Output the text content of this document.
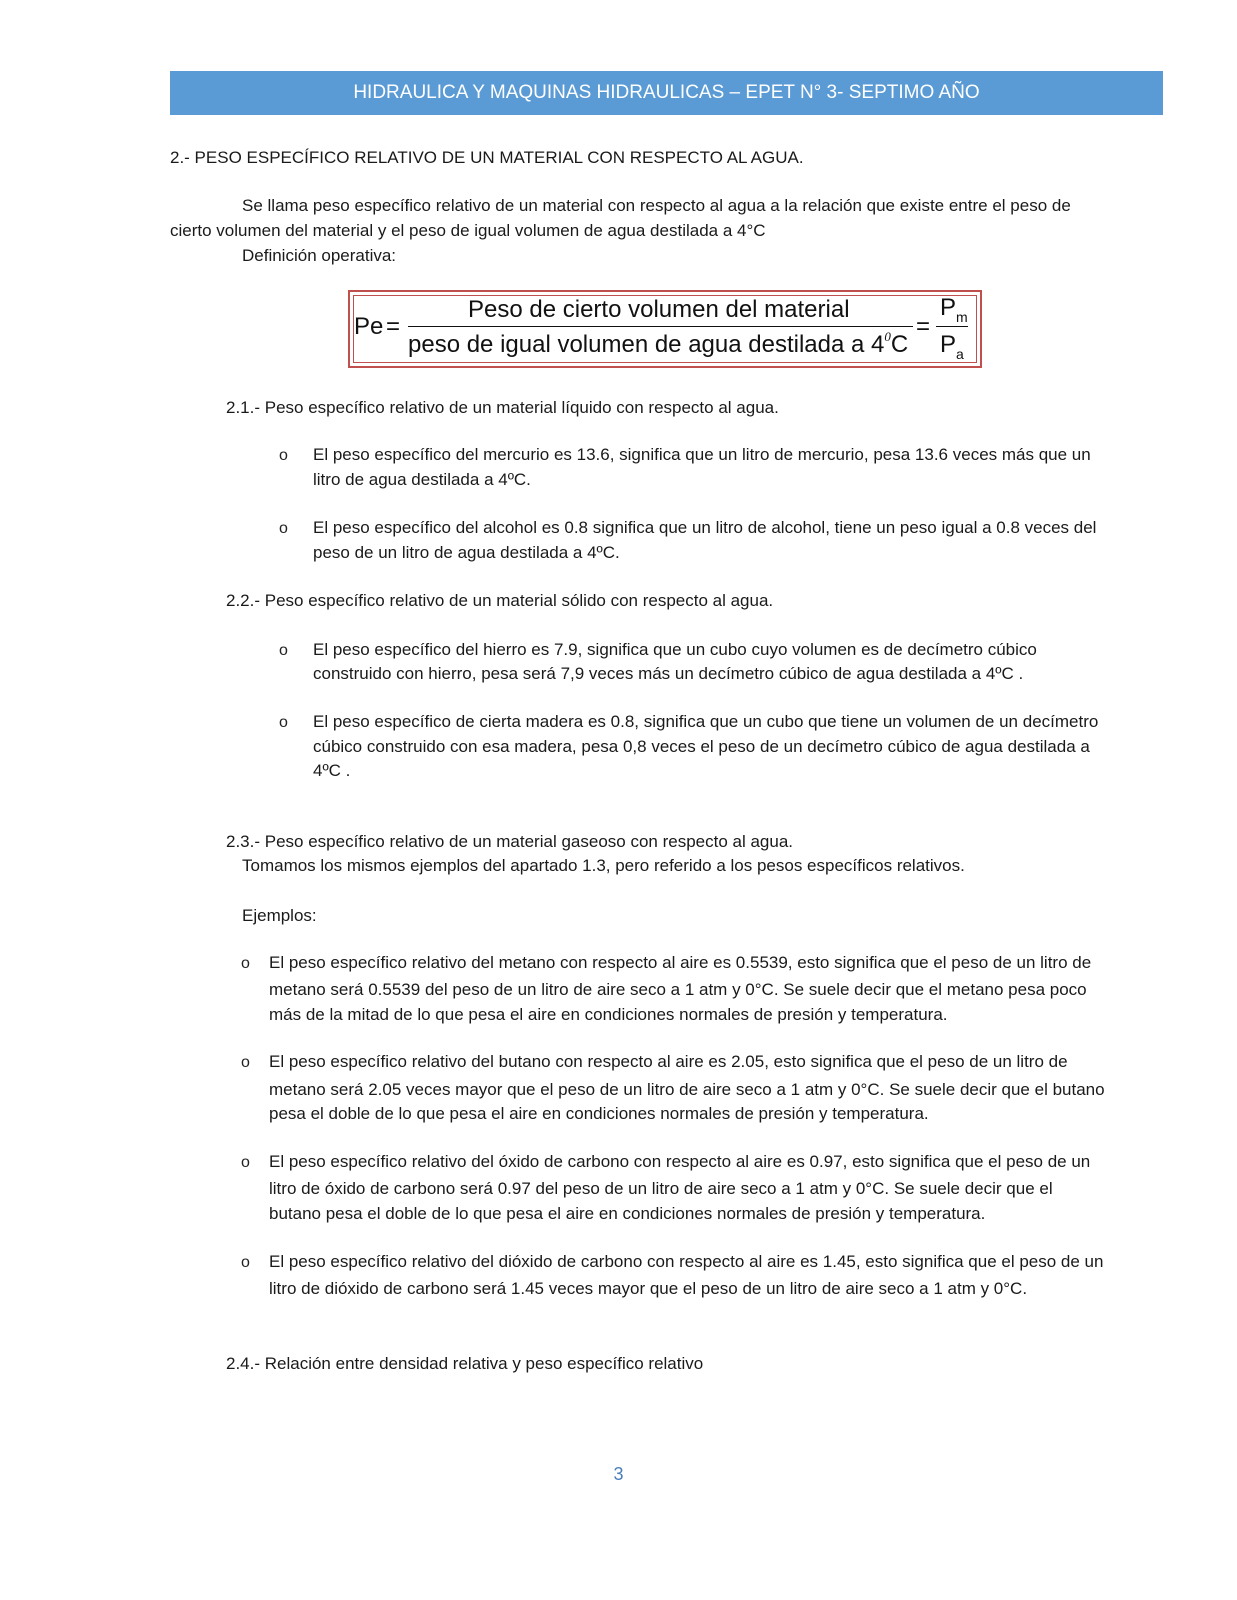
HIDRAULICA Y MAQUINAS HIDRAULICAS – EPET N° 3- SEPTIMO AÑO
2.- PESO ESPECÍFICO RELATIVO DE UN MATERIAL CON RESPECTO AL AGUA.
Se llama peso específico relativo de un material con respecto al agua a la relación que existe entre el peso de
cierto volumen del material y el peso de igual volumen de agua destilada a 4°C
Definición operativa:
Pe =
Peso de cierto volumen del material
peso de igual volumen de agua destilada a $4^0C$
=
$P_m$
$P_a$
2.1.- Peso específico relativo de un material líquido con respecto al agua.
o El peso específico del mercurio es 13.6, significa que un litro de mercurio, pesa 13.6 veces más que un
litro de agua destilada a 4ºC.
o El peso específico del alcohol es 0.8 significa que un litro de alcohol, tiene un peso igual a 0.8 veces del
peso de un litro de agua destilada a 4ºC.
2.2.- Peso específico relativo de un material sólido con respecto al agua.
o El peso específico del hierro es 7.9, significa que un cubo cuyo volumen es de decímetro cúbico
construido con hierro, pesa será 7,9 veces más un decímetro cúbico de agua destilada a 4ºC .
o El peso específico de cierta madera es 0.8, significa que un cubo que tiene un volumen de un decímetro
cúbico construido con esa madera, pesa 0,8 veces el peso de un decímetro cúbico de agua destilada a
4ºC .
2.3.- Peso específico relativo de un material gaseoso con respecto al agua.
Tomamos los mismos ejemplos del apartado 1.3, pero referido a los pesos específicos relativos.
Ejemplos:
o El peso específico relativo del metano con respecto al aire es 0.5539, esto significa que el peso de un litro de
metano será 0.5539 del peso de un litro de aire seco a 1 atm y 0°C. Se suele decir que el metano pesa poco
más de la mitad de lo que pesa el aire en condiciones normales de presión y temperatura.
o El peso específico relativo del butano con respecto al aire es 2.05, esto significa que el peso de un litro de
metano será 2.05 veces mayor que el peso de un litro de aire seco a 1 atm y 0°C. Se suele decir que el butano
pesa el doble de lo que pesa el aire en condiciones normales de presión y temperatura.
o El peso específico relativo del óxido de carbono con respecto al aire es 0.97, esto significa que el peso de un
litro de óxido de carbono será 0.97 del peso de un litro de aire seco a 1 atm y 0°C. Se suele decir que el
butano pesa el doble de lo que pesa el aire en condiciones normales de presión y temperatura.
o El peso específico relativo del dióxido de carbono con respecto al aire es 1.45, esto significa que el peso de un
litro de dióxido de carbono será 1.45 veces mayor que el peso de un litro de aire seco a 1 atm y 0°C.
2.4.- Relación entre densidad relativa y peso específico relativo
3
